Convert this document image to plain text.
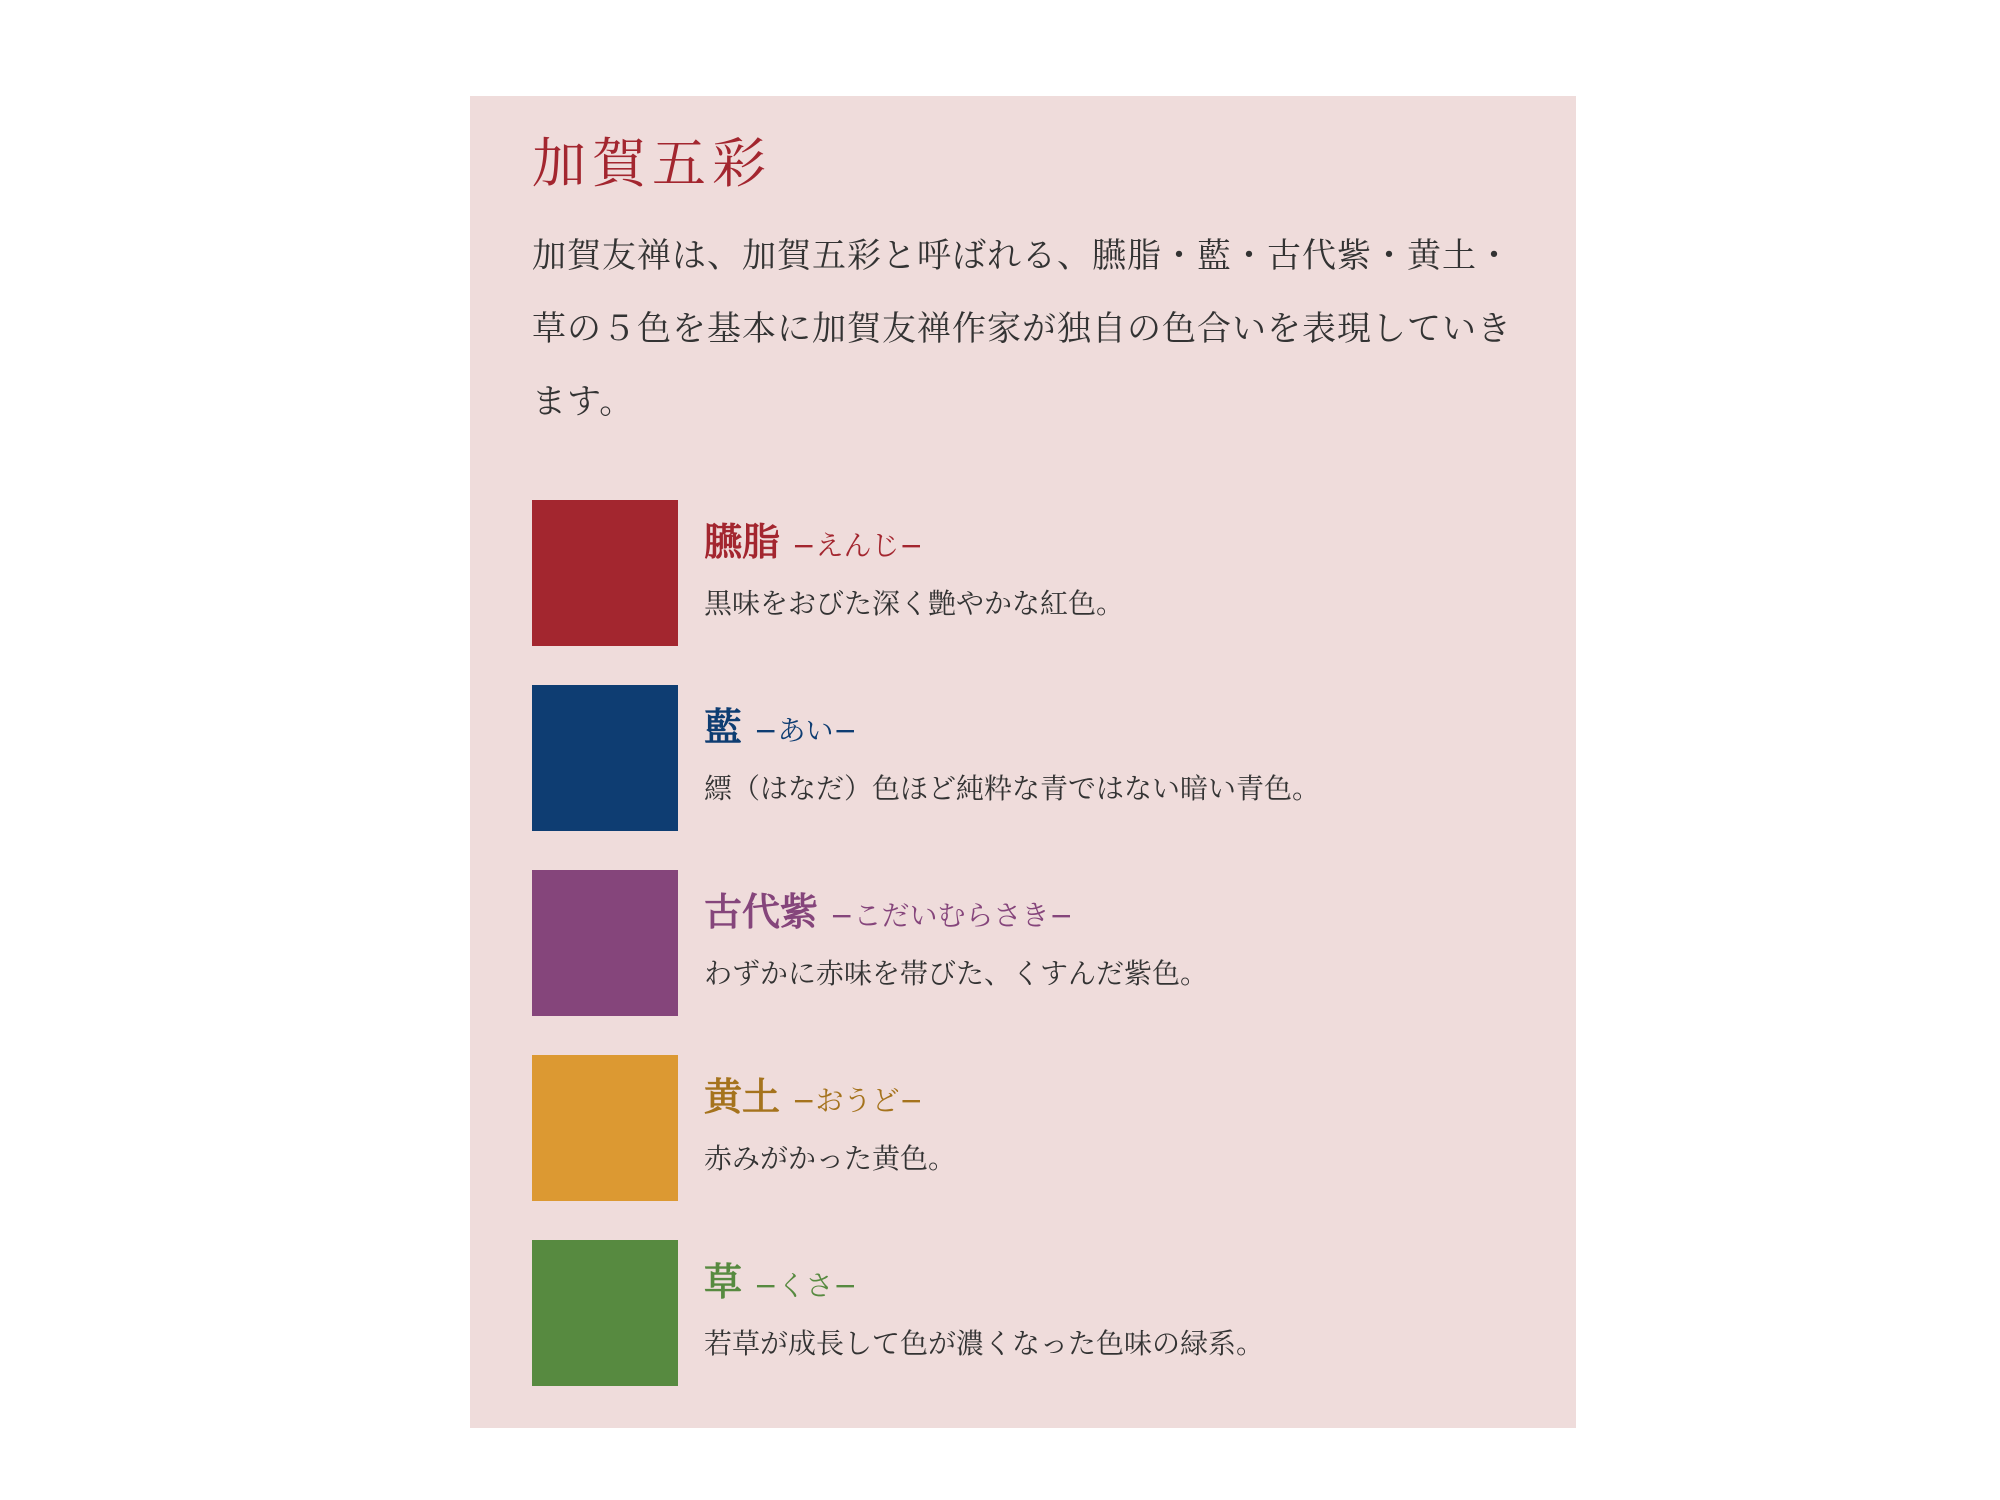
加賀五彩

加賀友禅は、加賀五彩と呼ばれる、臙脂・藍・古代紫・黄土・草の５色を基本に加賀友禅作家が独自の色合いを表現していきます。

臙脂 −えんじ−

黒味をおびた深く艶やかな紅色。

藍 −あい−

縹（はなだ）色ほど純粋な青ではない暗い青色。

古代紫 −こだいむらさき−

わずかに赤味を帯びた、くすんだ紫色。

黄土 −おうど−

赤みがかった黄色。

草 −くさ−

若草が成長して色が濃くなった色味の緑系。
